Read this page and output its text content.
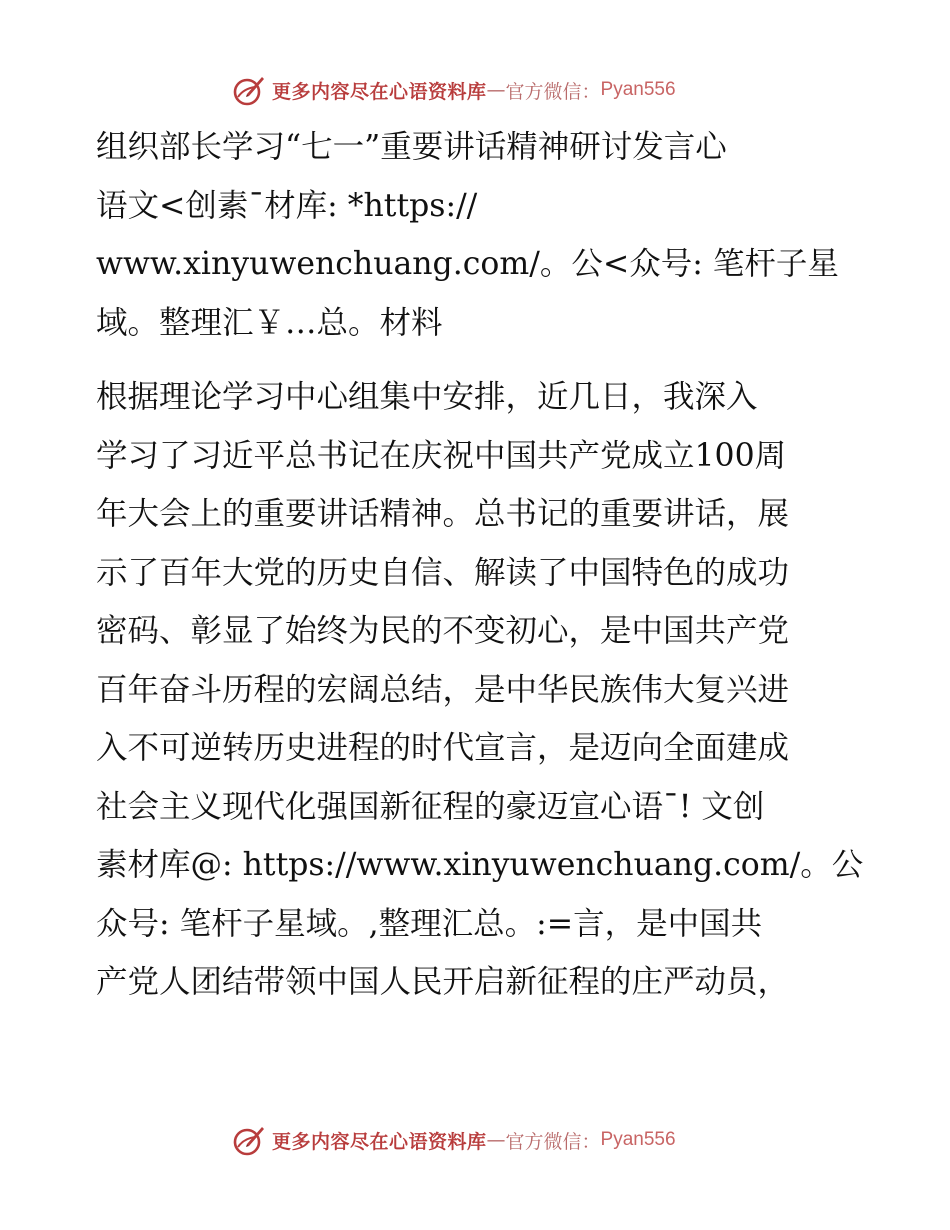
更多内容尽在心语资料库 — 官方微信： Pyan556
组织部长学习“七一”重要讲话精神研讨发言心
语文<创素¯材库: *https://
www.xinyuwenchuang.com/。公<众号: 笔杆子星
域。整理汇￥…总。材料
根据理论学习中心组集中安排，近几日，我深入
学习了习近平总书记在庆祝中国共产党成立100周
年大会上的重要讲话精神。总书记的重要讲话，展
示了百年大党的历史自信、解读了中国特色的成功
密码、彰显了始终为民的不变初心，是中国共产党
百年奋斗历程的宏阔总结，是中华民族伟大复兴进
入不可逆转历史进程的时代宣言，是迈向全面建成
社会主义现代化强国新征程的豪迈宣心语¯! 文创
素材库@: https://www.xinyuwenchuang.com/。公
众号: 笔杆子星域。,整理汇总。:=言，是中国共
产党人团结带领中国人民开启新征程的庄严动员，
更多内容尽在心语资料库 — 官方微信： Pyan556
